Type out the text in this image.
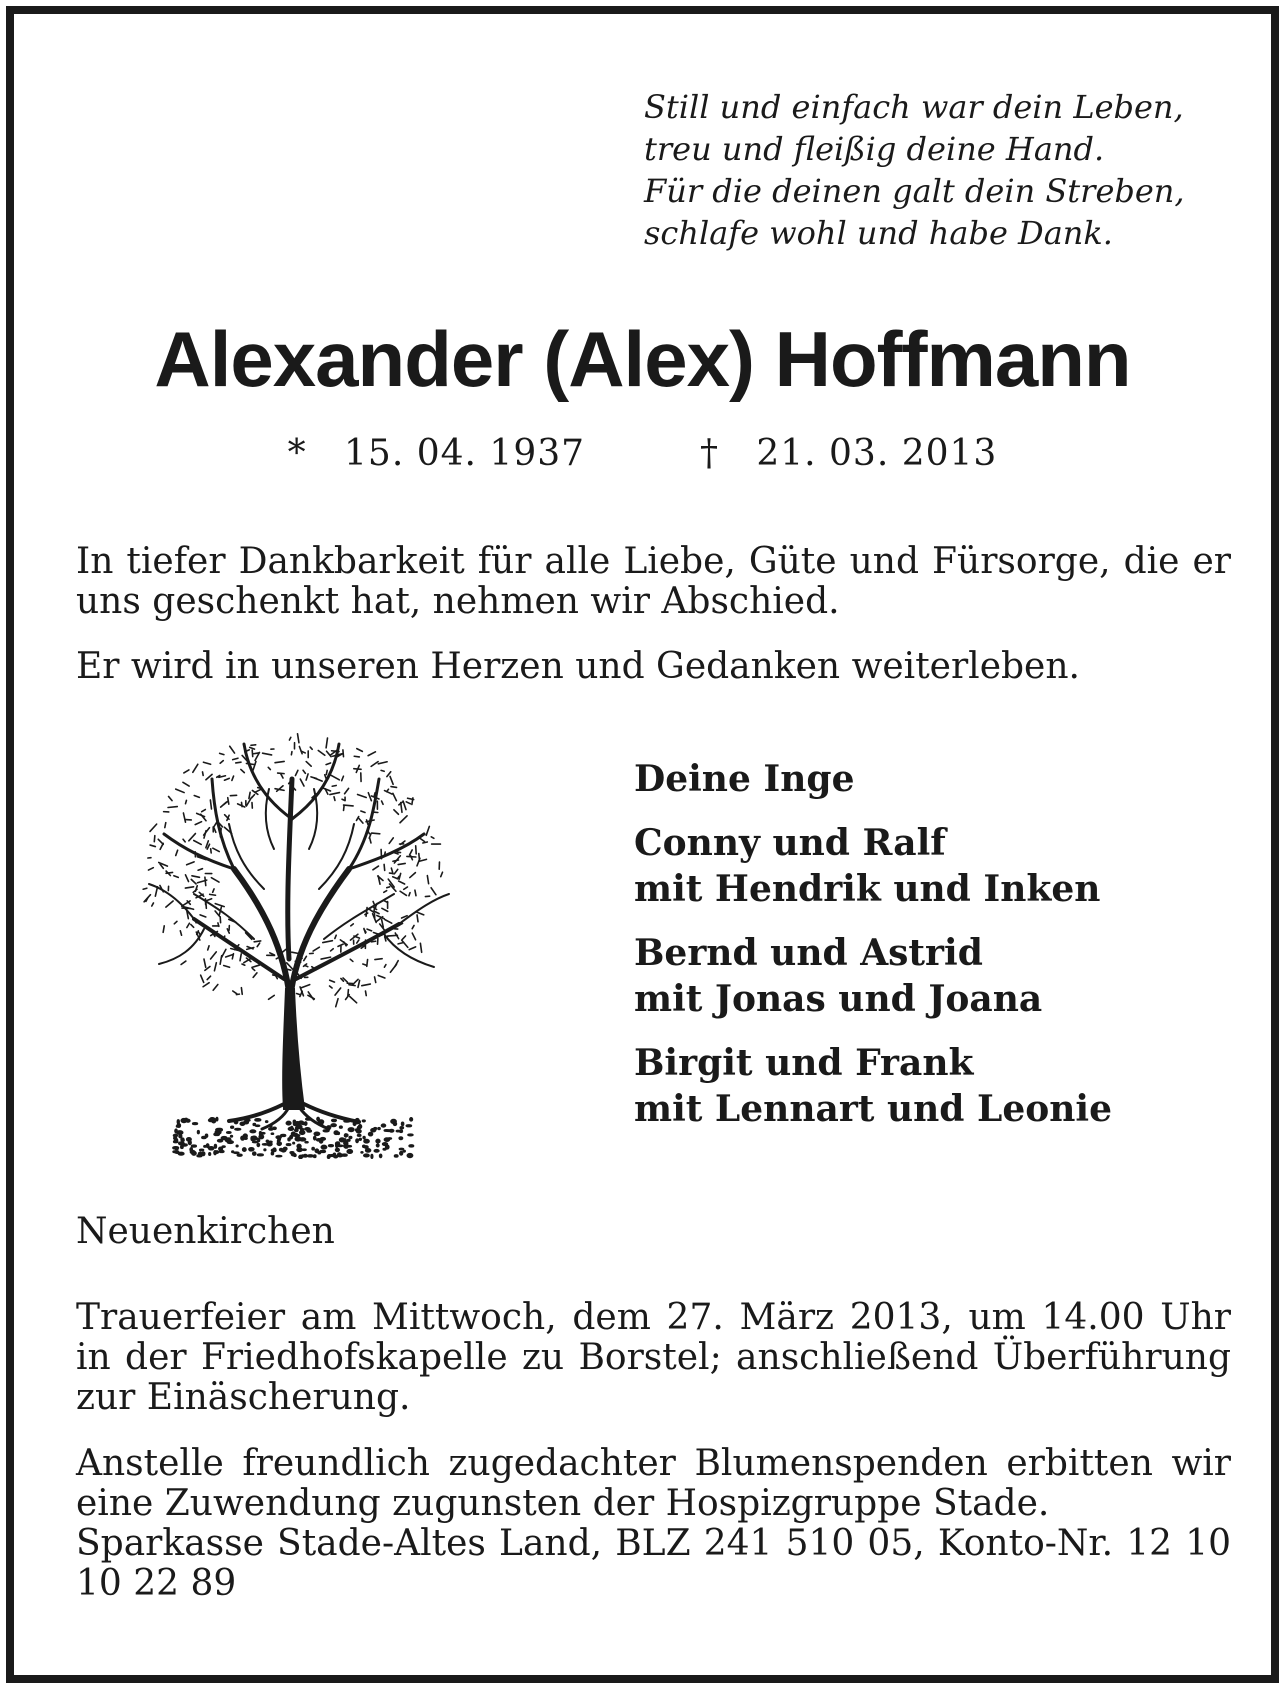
Still und einfach war dein Leben,
treu und fleißig deine Hand.
Für die deinen galt dein Streben,
schlafe wohl und habe Dank.
Alexander (Alex) Hoffmann
* 15. 04. 1937	† 21. 03. 2013
In tiefer Dankbarkeit für alle Liebe, Güte und Fürsorge, die er uns geschenkt hat, nehmen wir Abschied.
Er wird in unseren Herzen und Gedanken weiterleben.
Deine Inge
Conny und Ralf
mit Hendrik und Inken
Bernd und Astrid
mit Jonas und Joana
Birgit und Frank
mit Lennart und Leonie
Neuenkirchen
Trauerfeier am Mittwoch, dem 27. März 2013, um 14.00 Uhr in der Friedhofskapelle zu Borstel; anschließend Überführung zur Einäscherung.
Anstelle freundlich zugedachter Blumenspenden erbitten wir eine Zuwendung zugunsten der Hospizgruppe Stade.
Sparkasse Stade-Altes Land, BLZ 241 510 05, Konto-Nr. 12 10 10 22 89
